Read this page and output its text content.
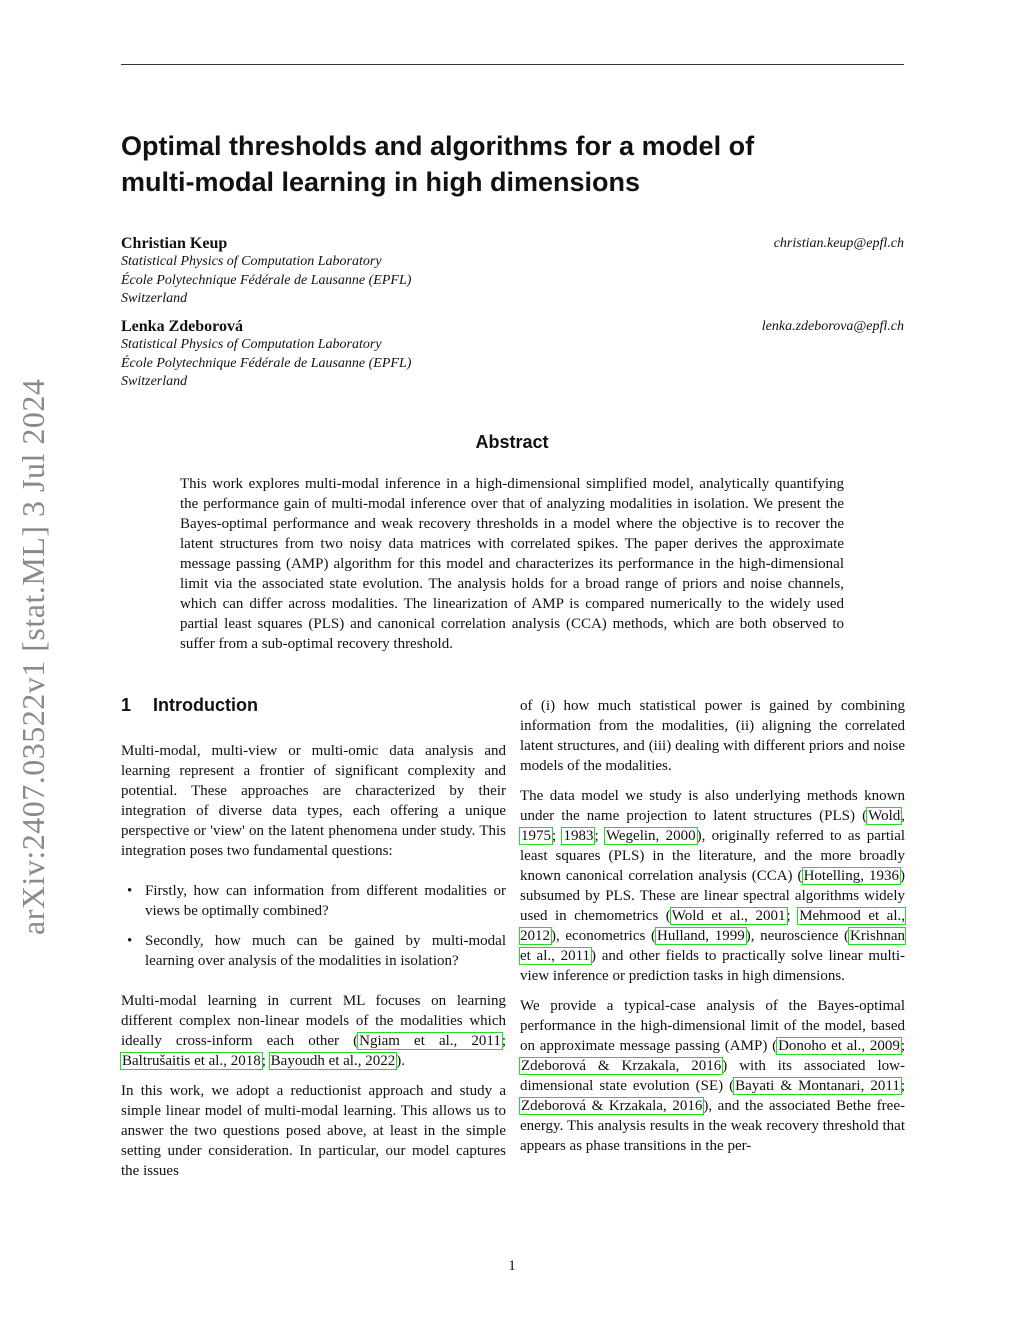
arXiv:2407.03522v1 [stat.ML] 3 Jul 2024
Optimal thresholds and algorithms for a model of
multi-modal learning in high dimensions
Christian Keup	christian.keup@epfl.ch
Statistical Physics of Computation Laboratory
École Polytechnique Fédérale de Lausanne (EPFL)
Switzerland
Lenka Zdeborová	lenka.zdeborova@epfl.ch
Statistical Physics of Computation Laboratory
École Polytechnique Fédérale de Lausanne (EPFL)
Switzerland
Abstract

This work explores multi-modal inference in a high-dimensional simplified model, analytically quantifying the performance gain of multi-modal inference over that of analyzing modalities in isolation. We present the Bayes-optimal performance and weak recovery thresholds in a model where the objective is to recover the latent structures from two noisy data matrices with correlated spikes. The paper derives the approximate message passing (AMP) algorithm for this model and characterizes its performance in the high-dimensional limit via the associated state evolution. The analysis holds for a broad range of priors and noise channels, which can differ across modalities. The linearization of AMP is compared numerically to the widely used partial least squares (PLS) and canonical correlation analysis (CCA) methods, which are both observed to suffer from a sub-optimal recovery threshold.

1 Introduction

Multi-modal, multi-view or multi-omic data analysis and learning represent a frontier of significant complexity and potential. These approaches are characterized by their integration of diverse data types, each offering a unique perspective or 'view' on the latent phenomena under study. This integration poses two fundamental questions:

• Firstly, how can information from different modalities or views be optimally combined?
• Secondly, how much can be gained by multi-modal learning over analysis of the modalities in isolation?

Multi-modal learning in current ML focuses on learning different complex non-linear models of the modalities which ideally cross-inform each other (Ngiam et al., 2011; Baltrušaitis et al., 2018; Bayoudh et al., 2022).

In this work, we adopt a reductionist approach and study a simple linear model of multi-modal learning. This allows us to answer the two questions posed above, at least in the simple setting under consideration. In particular, our model captures the issues

of (i) how much statistical power is gained by combining information from the modalities, (ii) aligning the correlated latent structures, and (iii) dealing with different priors and noise models of the modalities.

The data model we study is also underlying methods known under the name projection to latent structures (PLS) (Wold, 1975; 1983; Wegelin, 2000), originally referred to as partial least squares (PLS) in the literature, and the more broadly known canonical correlation analysis (CCA) (Hotelling, 1936) subsumed by PLS. These are linear spectral algorithms widely used in chemometrics (Wold et al., 2001; Mehmood et al., 2012), econometrics (Hulland, 1999), neuroscience (Krishnan et al., 2011) and other fields to practically solve linear multi-view inference or prediction tasks in high dimensions.

We provide a typical-case analysis of the Bayes-optimal performance in the high-dimensional limit of the model, based on approximate message passing (AMP) (Donoho et al., 2009; Zdeborová & Krzakala, 2016) with its associated low-dimensional state evolution (SE) (Bayati & Montanari, 2011; Zdeborová & Krzakala, 2016), and the associated Bethe free-energy. This analysis results in the weak recovery threshold that appears as phase transitions in the per-

1
